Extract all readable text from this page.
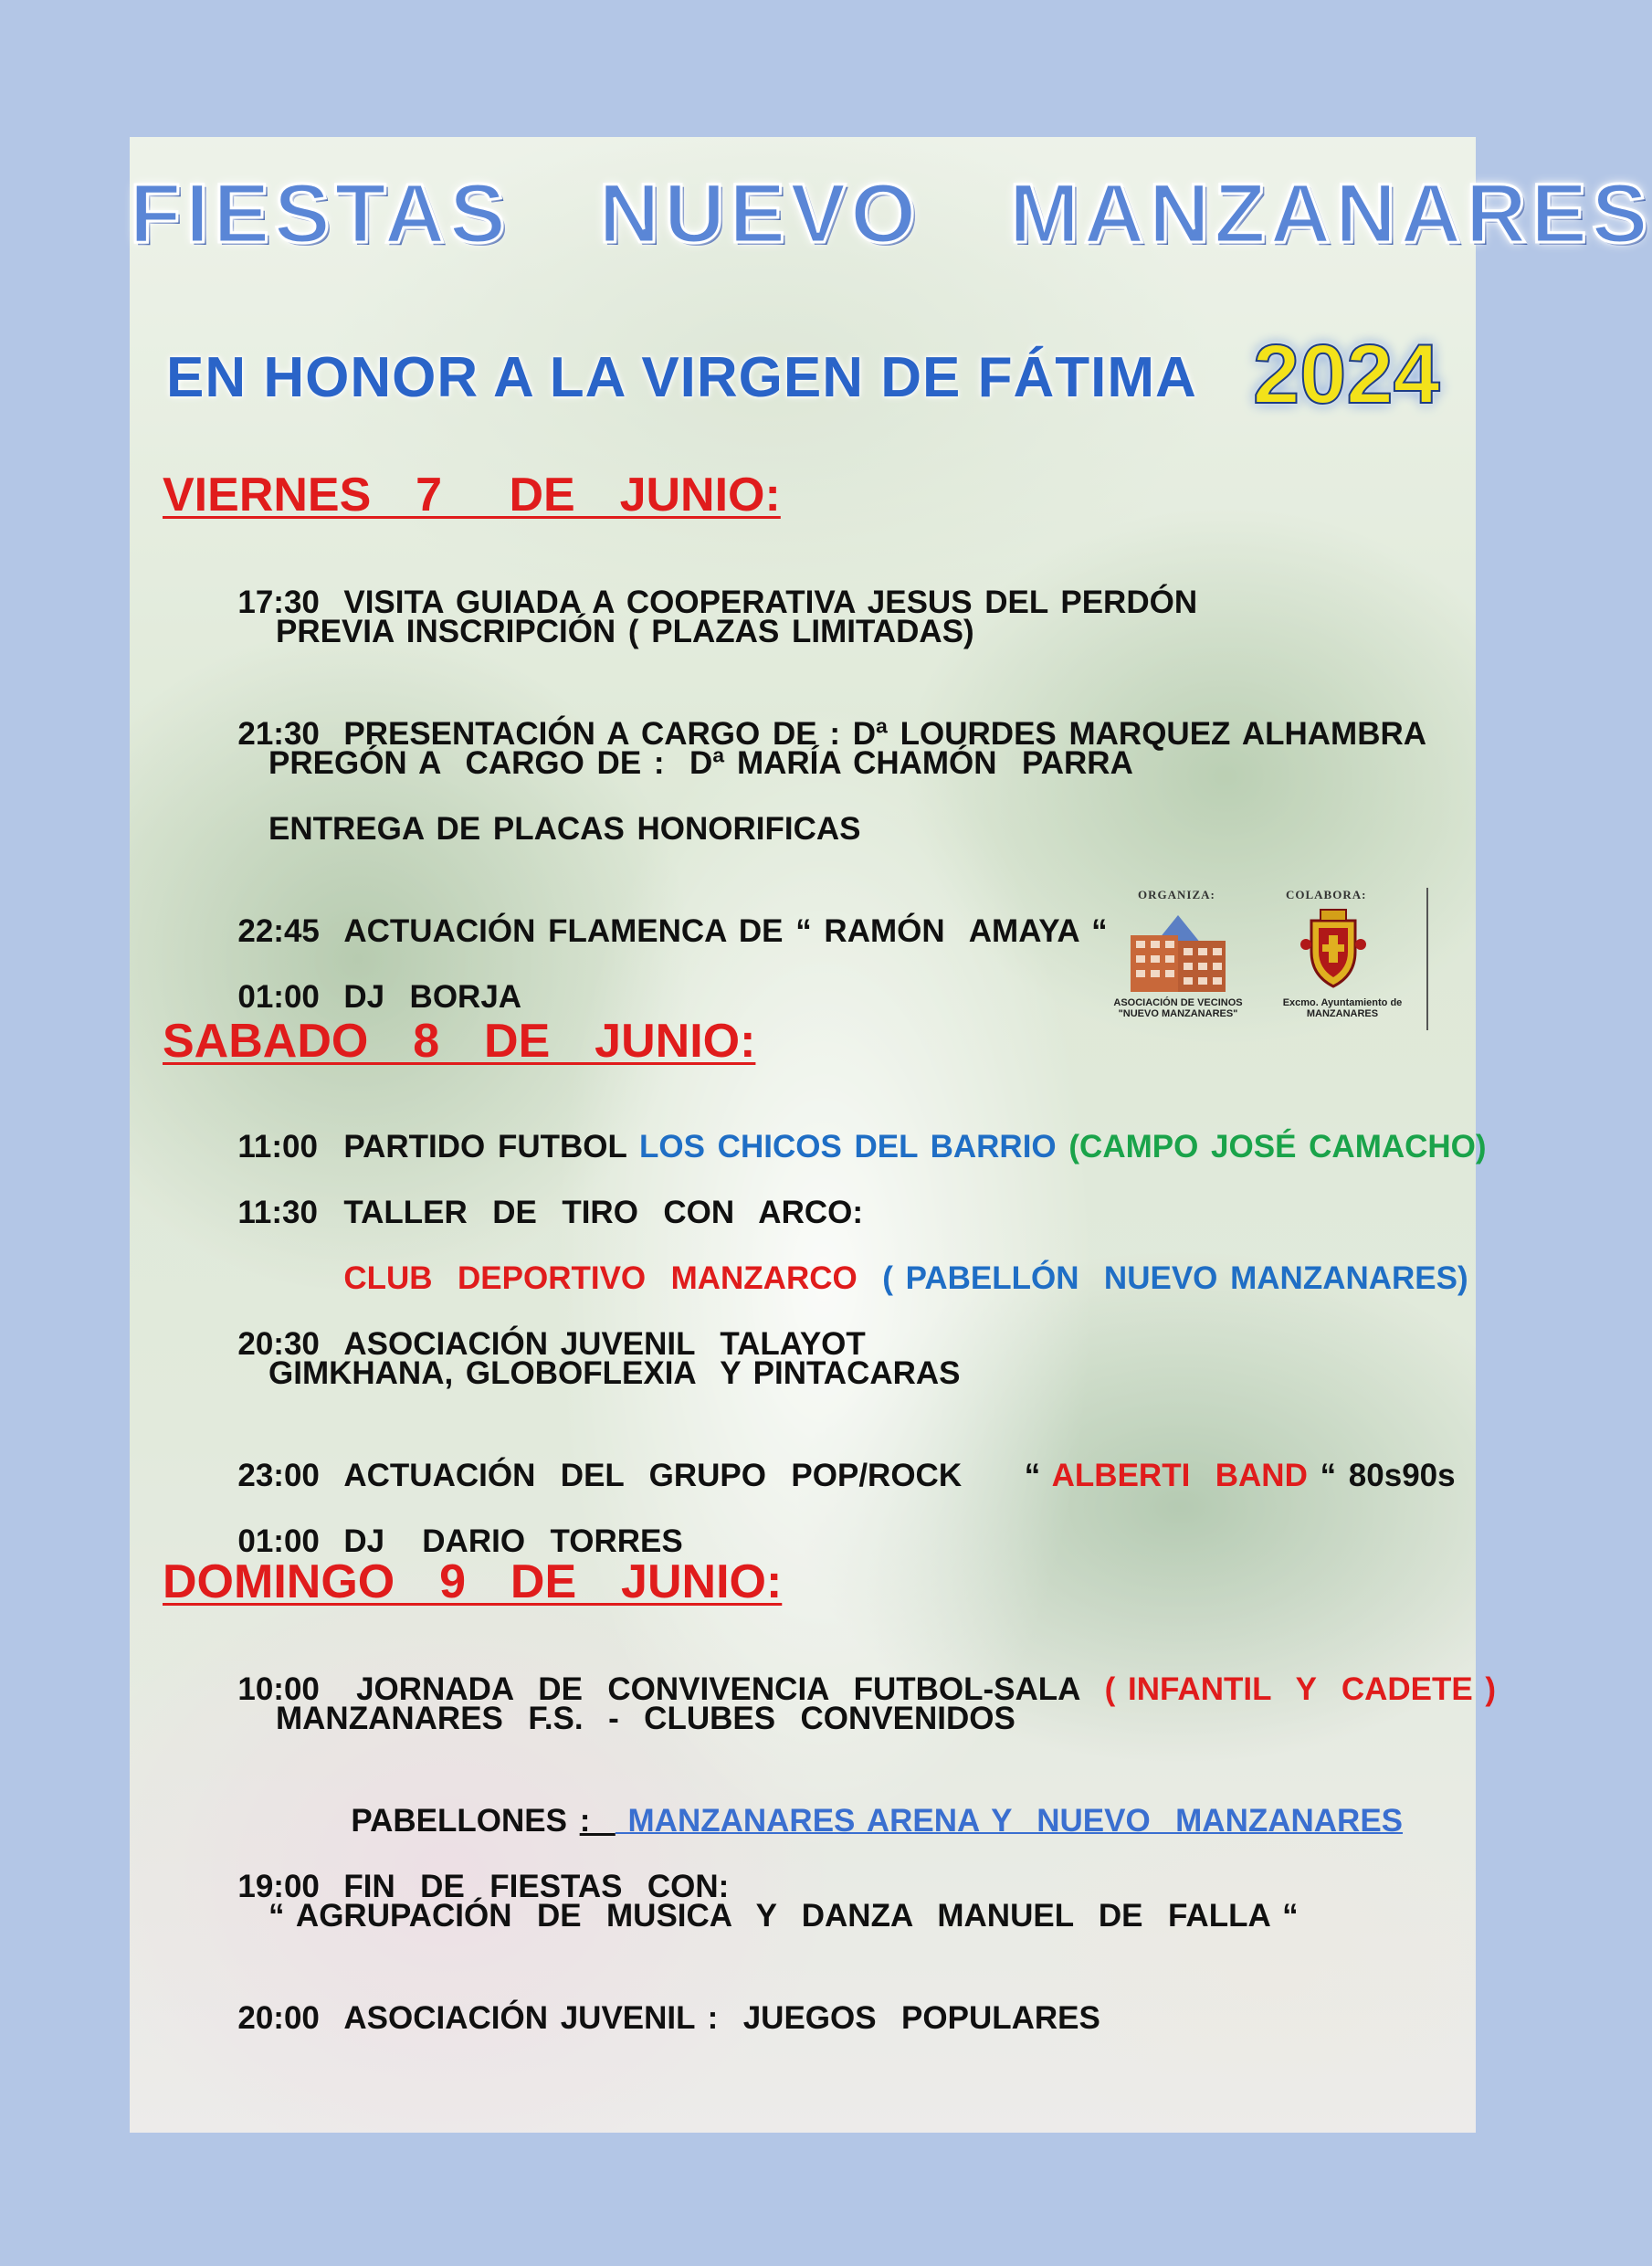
FIESTAS  NUEVO  MANZANARES
EN HONOR A LA VIRGEN DE FÁTIMA 2024
VIERNES  7   DE  JUNIO:

17:30 VISITA GUIADA A COOPERATIVA JESUS DEL PERDÓN

PREVIA INSCRIPCIÓN ( PLAZAS LIMITADAS)

21:30 PRESENTACIÓN A CARGO DE : Dª LOURDES MARQUEZ ALHAMBRA

PREGÓN A  CARGO DE :  Dª MARÍA CHAMÓN  PARRA
ENTREGA DE PLACAS HONORIFICAS

22:45 ACTUACIÓN FLAMENCA DE “ RAMÓN  AMAYA “

01:00 DJ  BORJA

ORGANIZA:
ASOCIACIÓN DE VECINOS
"NUEVO MANZANARES"
COLABORA:
Excmo. Ayuntamiento de
MANZANARES
SABADO  8  DE  JUNIO:

11:00 PARTIDO FUTBOL LOS CHICOS DEL BARRIO (CAMPO JOSÉ CAMACHO)

11:30 TALLER  DE  TIRO  CON  ARCO:

CLUB  DEPORTIVO  MANZARCO  ( PABELLÓN  NUEVO MANZANARES)

20:30 ASOCIACIÓN JUVENIL  TALAYOT

GIMKHANA, GLOBOFLEXIA  Y PINTACARAS

23:00 ACTUACIÓN  DEL  GRUPO  POP/ROCK     “ ALBERTI  BAND “ 80s90s

01:00 DJ   DARIO  TORRES

DOMINGO  9  DE  JUNIO:

10:00 JORNADA  DE  CONVIVENCIA  FUTBOL-SALA  ( INFANTIL  Y  CADETE )

MANZANARES  F.S.  -  CLUBES  CONVENIDOS

PABELLONES :   MANZANARES ARENA Y  NUEVO  MANZANARES

19:00 FIN  DE  FIESTAS  CON:

“ AGRUPACIÓN  DE  MUSICA  Y  DANZA  MANUEL  DE  FALLA “

20:00 ASOCIACIÓN JUVENIL :  JUEGOS  POPULARES
